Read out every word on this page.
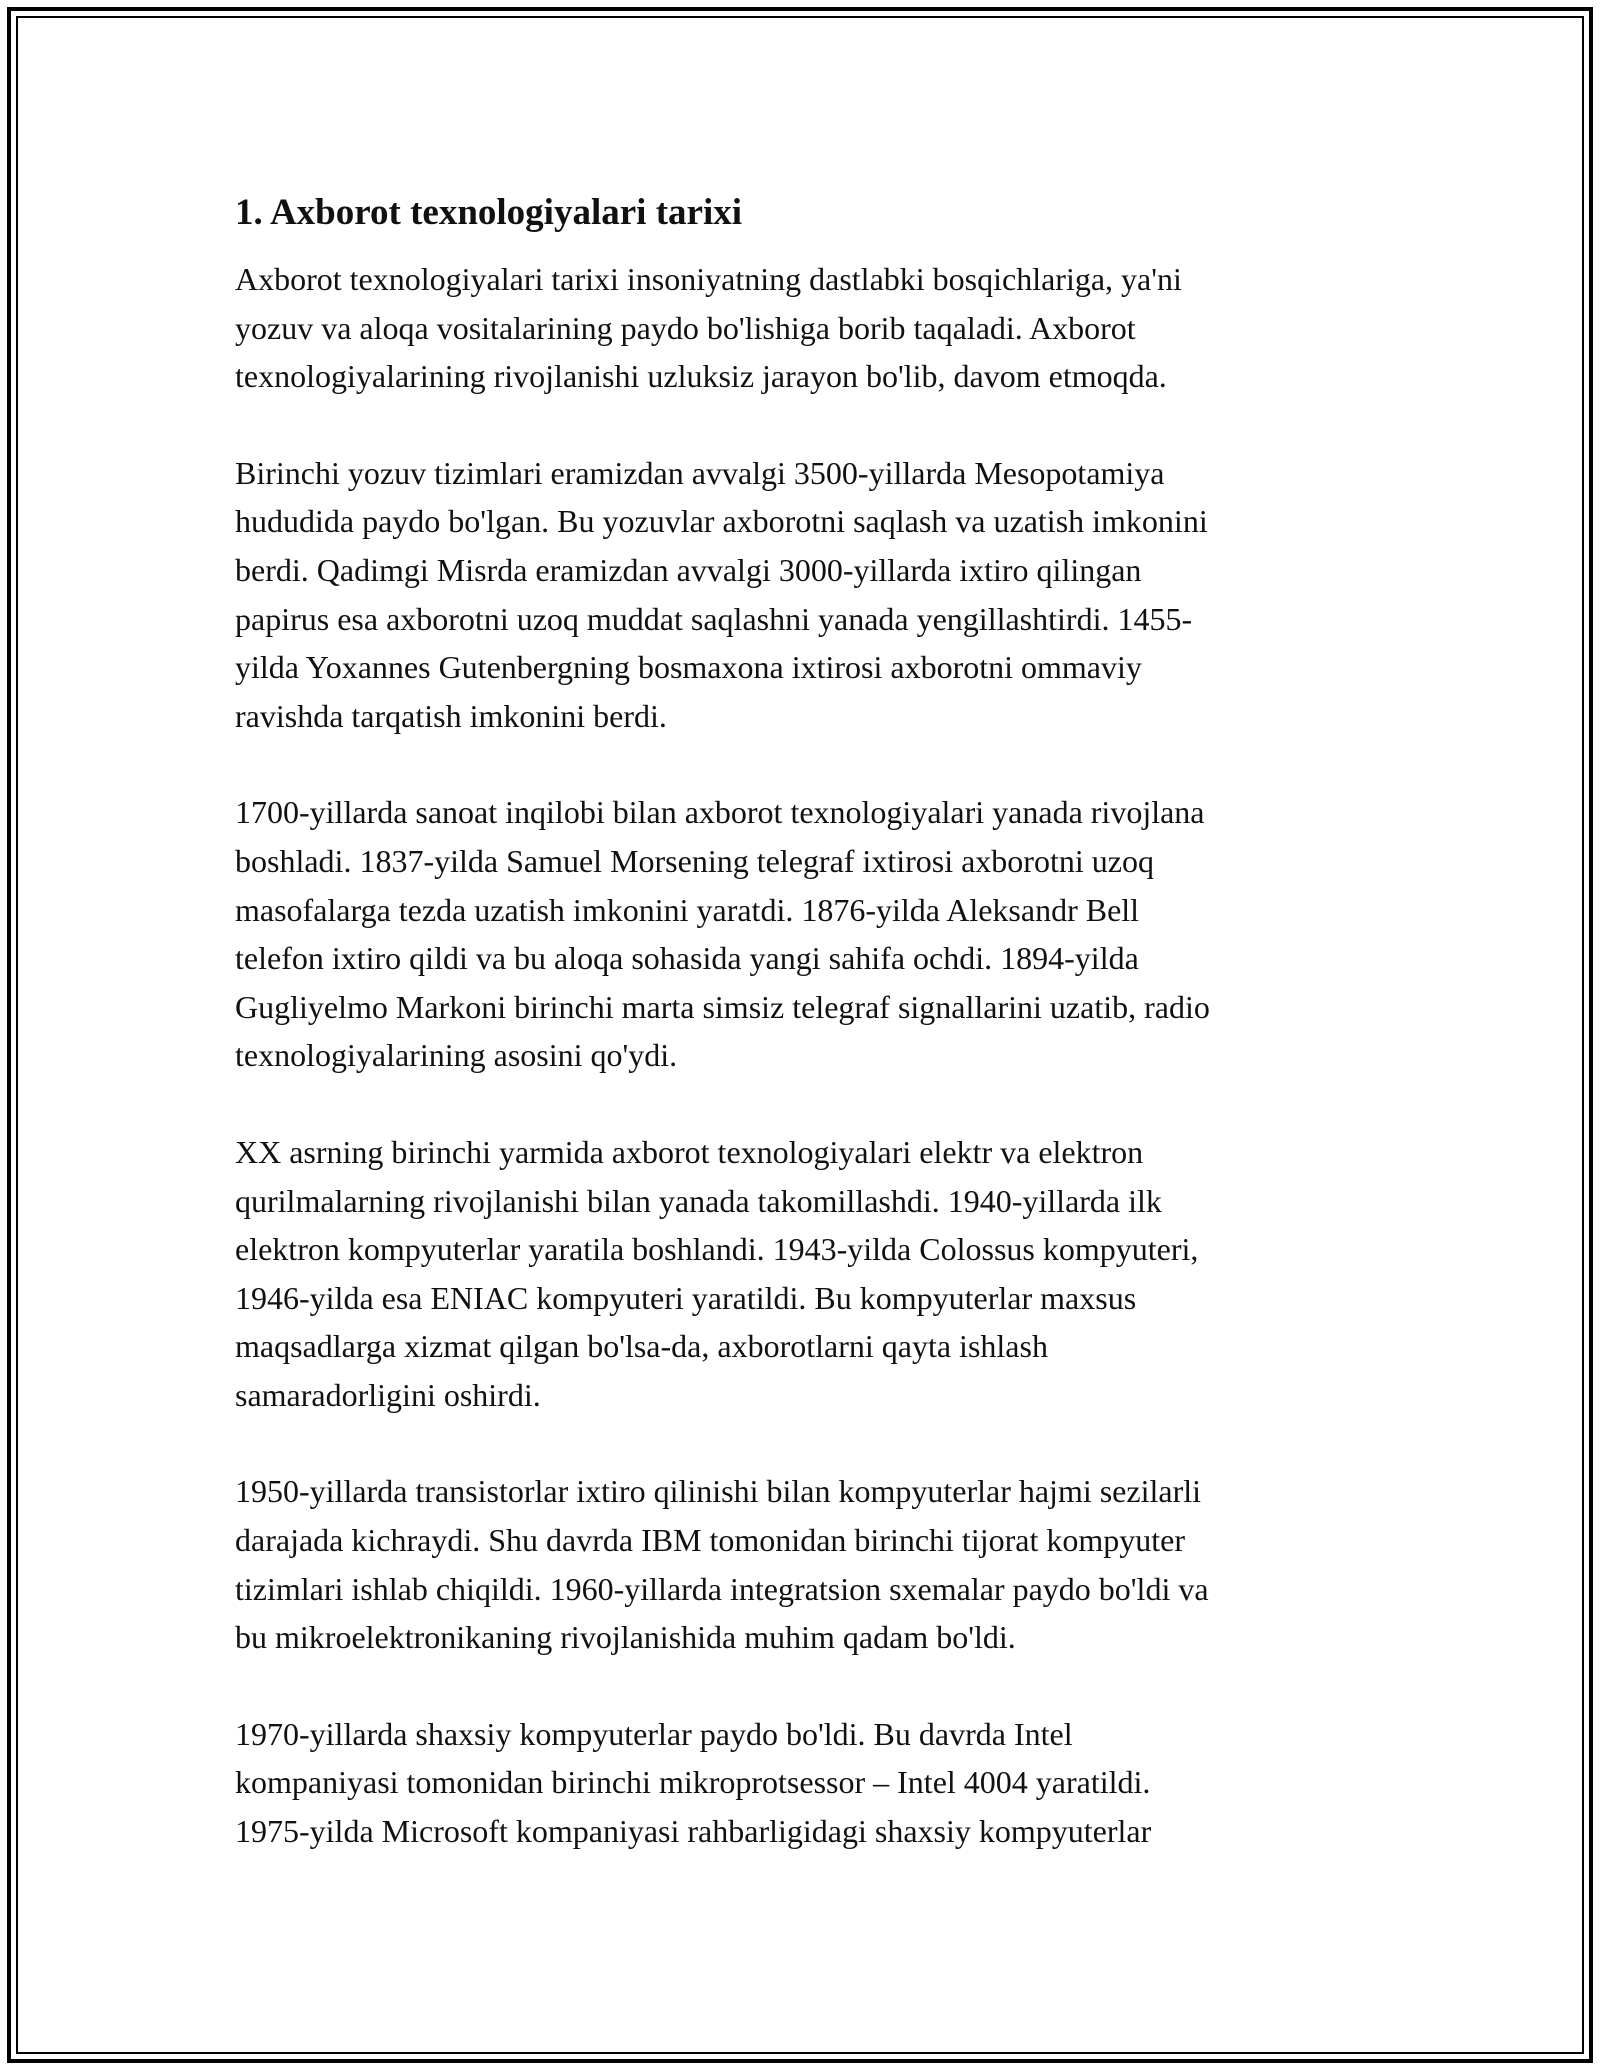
1. Axborot texnologiyalari tarixi
Axborot texnologiyalari tarixi insoniyatning dastlabki bosqichlariga, ya'ni
yozuv va aloqa vositalarining paydo bo'lishiga borib taqaladi. Axborot
texnologiyalarining rivojlanishi uzluksiz jarayon bo'lib, davom etmoqda.
Birinchi yozuv tizimlari eramizdan avvalgi 3500-yillarda Mesopotamiya
hududida paydo bo'lgan. Bu yozuvlar axborotni saqlash va uzatish imkonini
berdi. Qadimgi Misrda eramizdan avvalgi 3000-yillarda ixtiro qilingan
papirus esa axborotni uzoq muddat saqlashni yanada yengillashtirdi. 1455-
yilda Yoxannes Gutenbergning bosmaxona ixtirosi axborotni ommaviy
ravishda tarqatish imkonini berdi.
1700-yillarda sanoat inqilobi bilan axborot texnologiyalari yanada rivojlana
boshladi. 1837-yilda Samuel Morsening telegraf ixtirosi axborotni uzoq
masofalarga tezda uzatish imkonini yaratdi. 1876-yilda Aleksandr Bell
telefon ixtiro qildi va bu aloqa sohasida yangi sahifa ochdi. 1894-yilda
Gugliyelmo Markoni birinchi marta simsiz telegraf signallarini uzatib, radio
texnologiyalarining asosini qo'ydi.
XX asrning birinchi yarmida axborot texnologiyalari elektr va elektron
qurilmalarning rivojlanishi bilan yanada takomillashdi. 1940-yillarda ilk
elektron kompyuterlar yaratila boshlandi. 1943-yilda Colossus kompyuteri,
1946-yilda esa ENIAC kompyuteri yaratildi. Bu kompyuterlar maxsus
maqsadlarga xizmat qilgan bo'lsa-da, axborotlarni qayta ishlash
samaradorligini oshirdi.
1950-yillarda transistorlar ixtiro qilinishi bilan kompyuterlar hajmi sezilarli
darajada kichraydi. Shu davrda IBM tomonidan birinchi tijorat kompyuter
tizimlari ishlab chiqildi. 1960-yillarda integratsion sxemalar paydo bo'ldi va
bu mikroelektronikaning rivojlanishida muhim qadam bo'ldi.
1970-yillarda shaxsiy kompyuterlar paydo bo'ldi. Bu davrda Intel
kompaniyasi tomonidan birinchi mikroprotsessor – Intel 4004 yaratildi.
1975-yilda Microsoft kompaniyasi rahbarligidagi shaxsiy kompyuterlar
